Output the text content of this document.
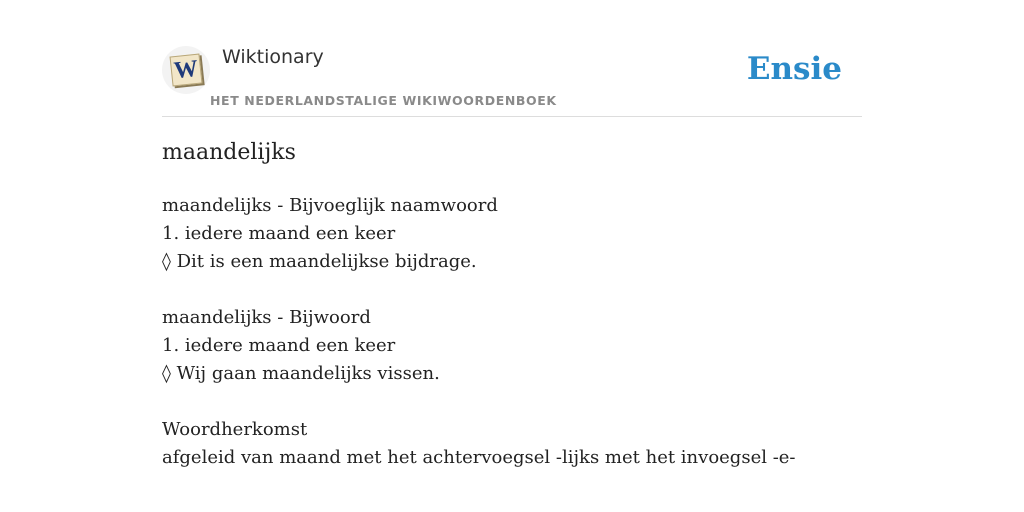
W Wiktionary
HET NEDERLANDSTALIGE WIKIWOORDENBOEK
Ensie
maandelijks
maandelijks - Bijvoeglijk naamwoord
1. iedere maand een keer
◊ Dit is een maandelijkse bijdrage.
maandelijks - Bijwoord
1. iedere maand een keer
◊ Wij gaan maandelijks vissen.
Woordherkomst
afgeleid van maand met het achtervoegsel -lijks met het invoegsel -e-
